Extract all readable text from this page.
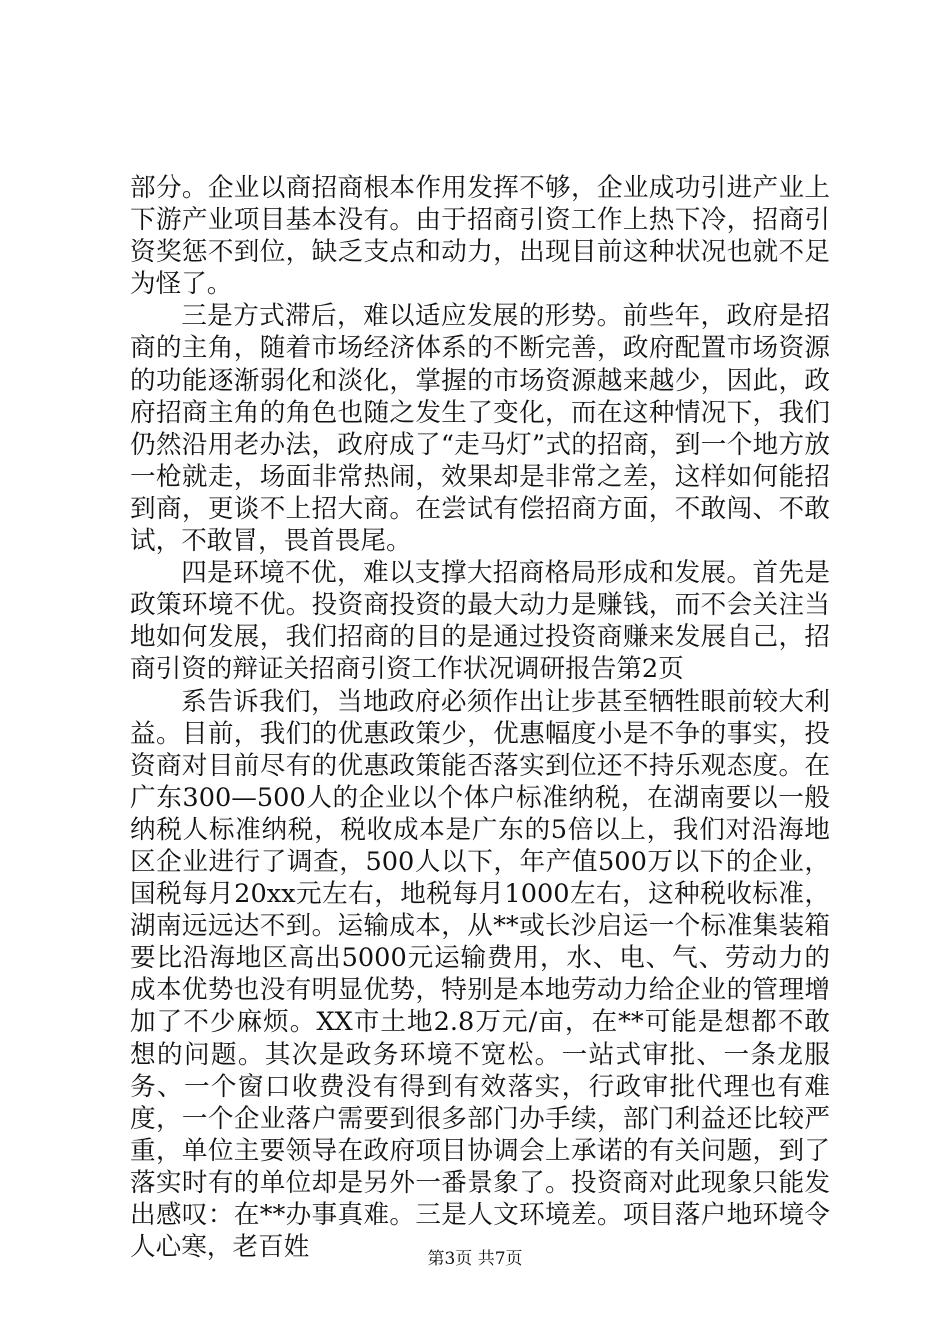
部分。企业以商招商根本作用发挥不够，企业成功引进产业上下游产业项目基本没有。由于招商引资工作上热下冷，招商引资奖惩不到位，缺乏支点和动力，出现目前这种状况也就不足为怪了。

三是方式滞后，难以适应发展的形势。前些年，政府是招商的主角，随着市场经济体系的不断完善，政府配置市场资源的功能逐渐弱化和淡化，掌握的市场资源越来越少，因此，政府招商主角的角色也随之发生了变化，而在这种情况下，我们仍然沿用老办法，政府成了“走马灯”式的招商，到一个地方放一枪就走，场面非常热闹，效果却是非常之差，这样如何能招到商，更谈不上招大商。在尝试有偿招商方面，不敢闯、不敢试，不敢冒，畏首畏尾。

四是环境不优，难以支撑大招商格局形成和发展。首先是政策环境不优。投资商投资的最大动力是赚钱，而不会关注当地如何发展，我们招商的目的是通过投资商赚来发展自己，招商引资的辩证关招商引资工作状况调研报告第2页

系告诉我们，当地政府必须作出让步甚至牺牲眼前较大利益。目前，我们的优惠政策少，优惠幅度小是不争的事实，投资商对目前尽有的优惠政策能否落实到位还不持乐观态度。在广东300—500人的企业以个体户标准纳税，在湖南要以一般纳税人标准纳税，税收成本是广东的5倍以上，我们对沿海地区企业进行了调查，500人以下，年产值500万以下的企业，国税每月20xx元左右，地税每月1000左右，这种税收标准，湖南远远达不到。运输成本，从**或长沙启运一个标准集装箱要比沿海地区高出5000元运输费用，水、电、气、劳动力的成本优势也没有明显优势，特别是本地劳动力给企业的管理增加了不少麻烦。XX市土地2.8万元/亩，在**可能是想都不敢想的问题。其次是政务环境不宽松。一站式审批、一条龙服务、一个窗口收费没有得到有效落实，行政审批代理也有难度，一个企业落户需要到很多部门办手续，部门利益还比较严重，单位主要领导在政府项目协调会上承诺的有关问题，到了落实时有的单位却是另外一番景象了。投资商对此现象只能发出感叹：在**办事真难。三是人文环境差。项目落户地环境令人心寒，老百姓	第3页 共7页
